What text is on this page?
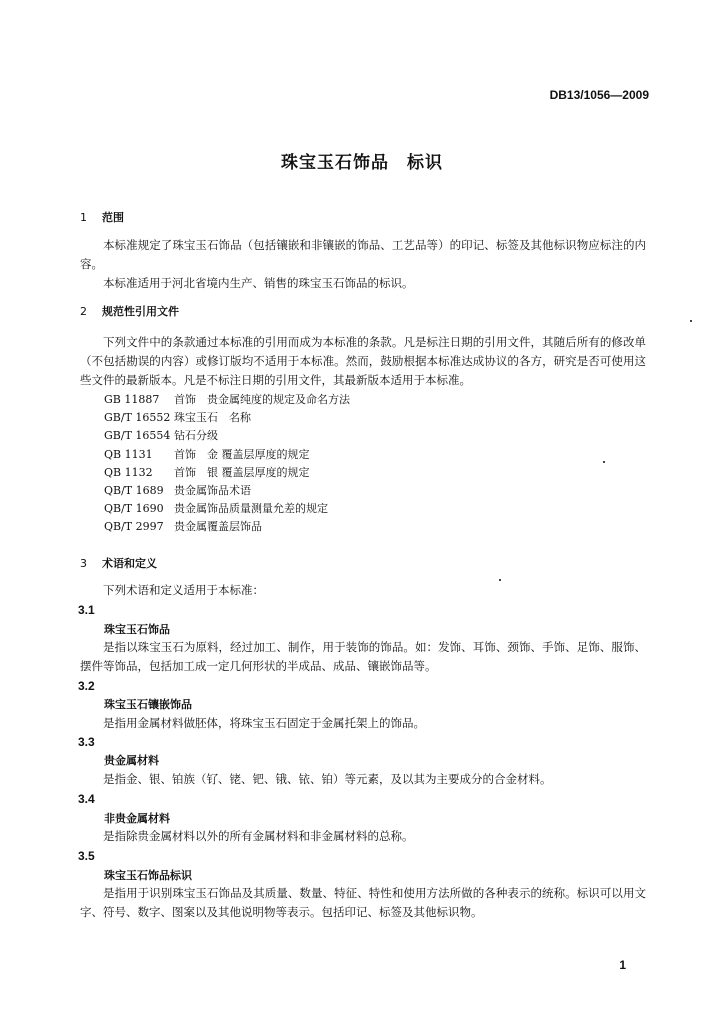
DB13/1056—2009
珠宝玉石饰品 标识
1 范围

本标准规定了珠宝玉石饰品（包括镶嵌和非镶嵌的饰品、工艺品等）的印记、标签及其他标识物应标注的内容。

本标准适用于河北省境内生产、销售的珠宝玉石饰品的标识。

2 规范性引用文件

下列文件中的条款通过本标准的引用而成为本标准的条款。凡是标注日期的引用文件，其随后所有的修改单（不包括勘误的内容）或修订版均不适用于本标准。然而，鼓励根据本标准达成协议的各方，研究是否可使用这些文件的最新版本。凡是不标注日期的引用文件，其最新版本适用于本标准。

GB 11887 首饰　贵金属纯度的规定及命名方法
GB/T 16552 珠宝玉石　名称
GB/T 16554 钻石分级
QB 1131 首饰　金 覆盖层厚度的规定
QB 1132 首饰　银 覆盖层厚度的规定
QB/T 1689 贵金属饰品术语
QB/T 1690 贵金属饰品质量测量允差的规定
QB/T 2997 贵金属覆盖层饰品
3 术语和定义

下列术语和定义适用于本标准：

3.1
珠宝玉石饰品

是指以珠宝玉石为原料，经过加工、制作，用于装饰的饰品。如：发饰、耳饰、颈饰、手饰、足饰、服饰、摆件等饰品，包括加工成一定几何形状的半成品、成品、镶嵌饰品等。

3.2
珠宝玉石镶嵌饰品

是指用金属材料做胚体，将珠宝玉石固定于金属托架上的饰品。

3.3
贵金属材料

是指金、银、铂族（钌、铑、钯、锇、铱、铂）等元素，及以其为主要成分的合金材料。

3.4
非贵金属材料

是指除贵金属材料以外的所有金属材料和非金属材料的总称。

3.5
珠宝玉石饰品标识

是指用于识别珠宝玉石饰品及其质量、数量、特征、特性和使用方法所做的各种表示的统称。标识可以用文字、符号、数字、图案以及其他说明物等表示。包括印记、标签及其他标识物。

1
